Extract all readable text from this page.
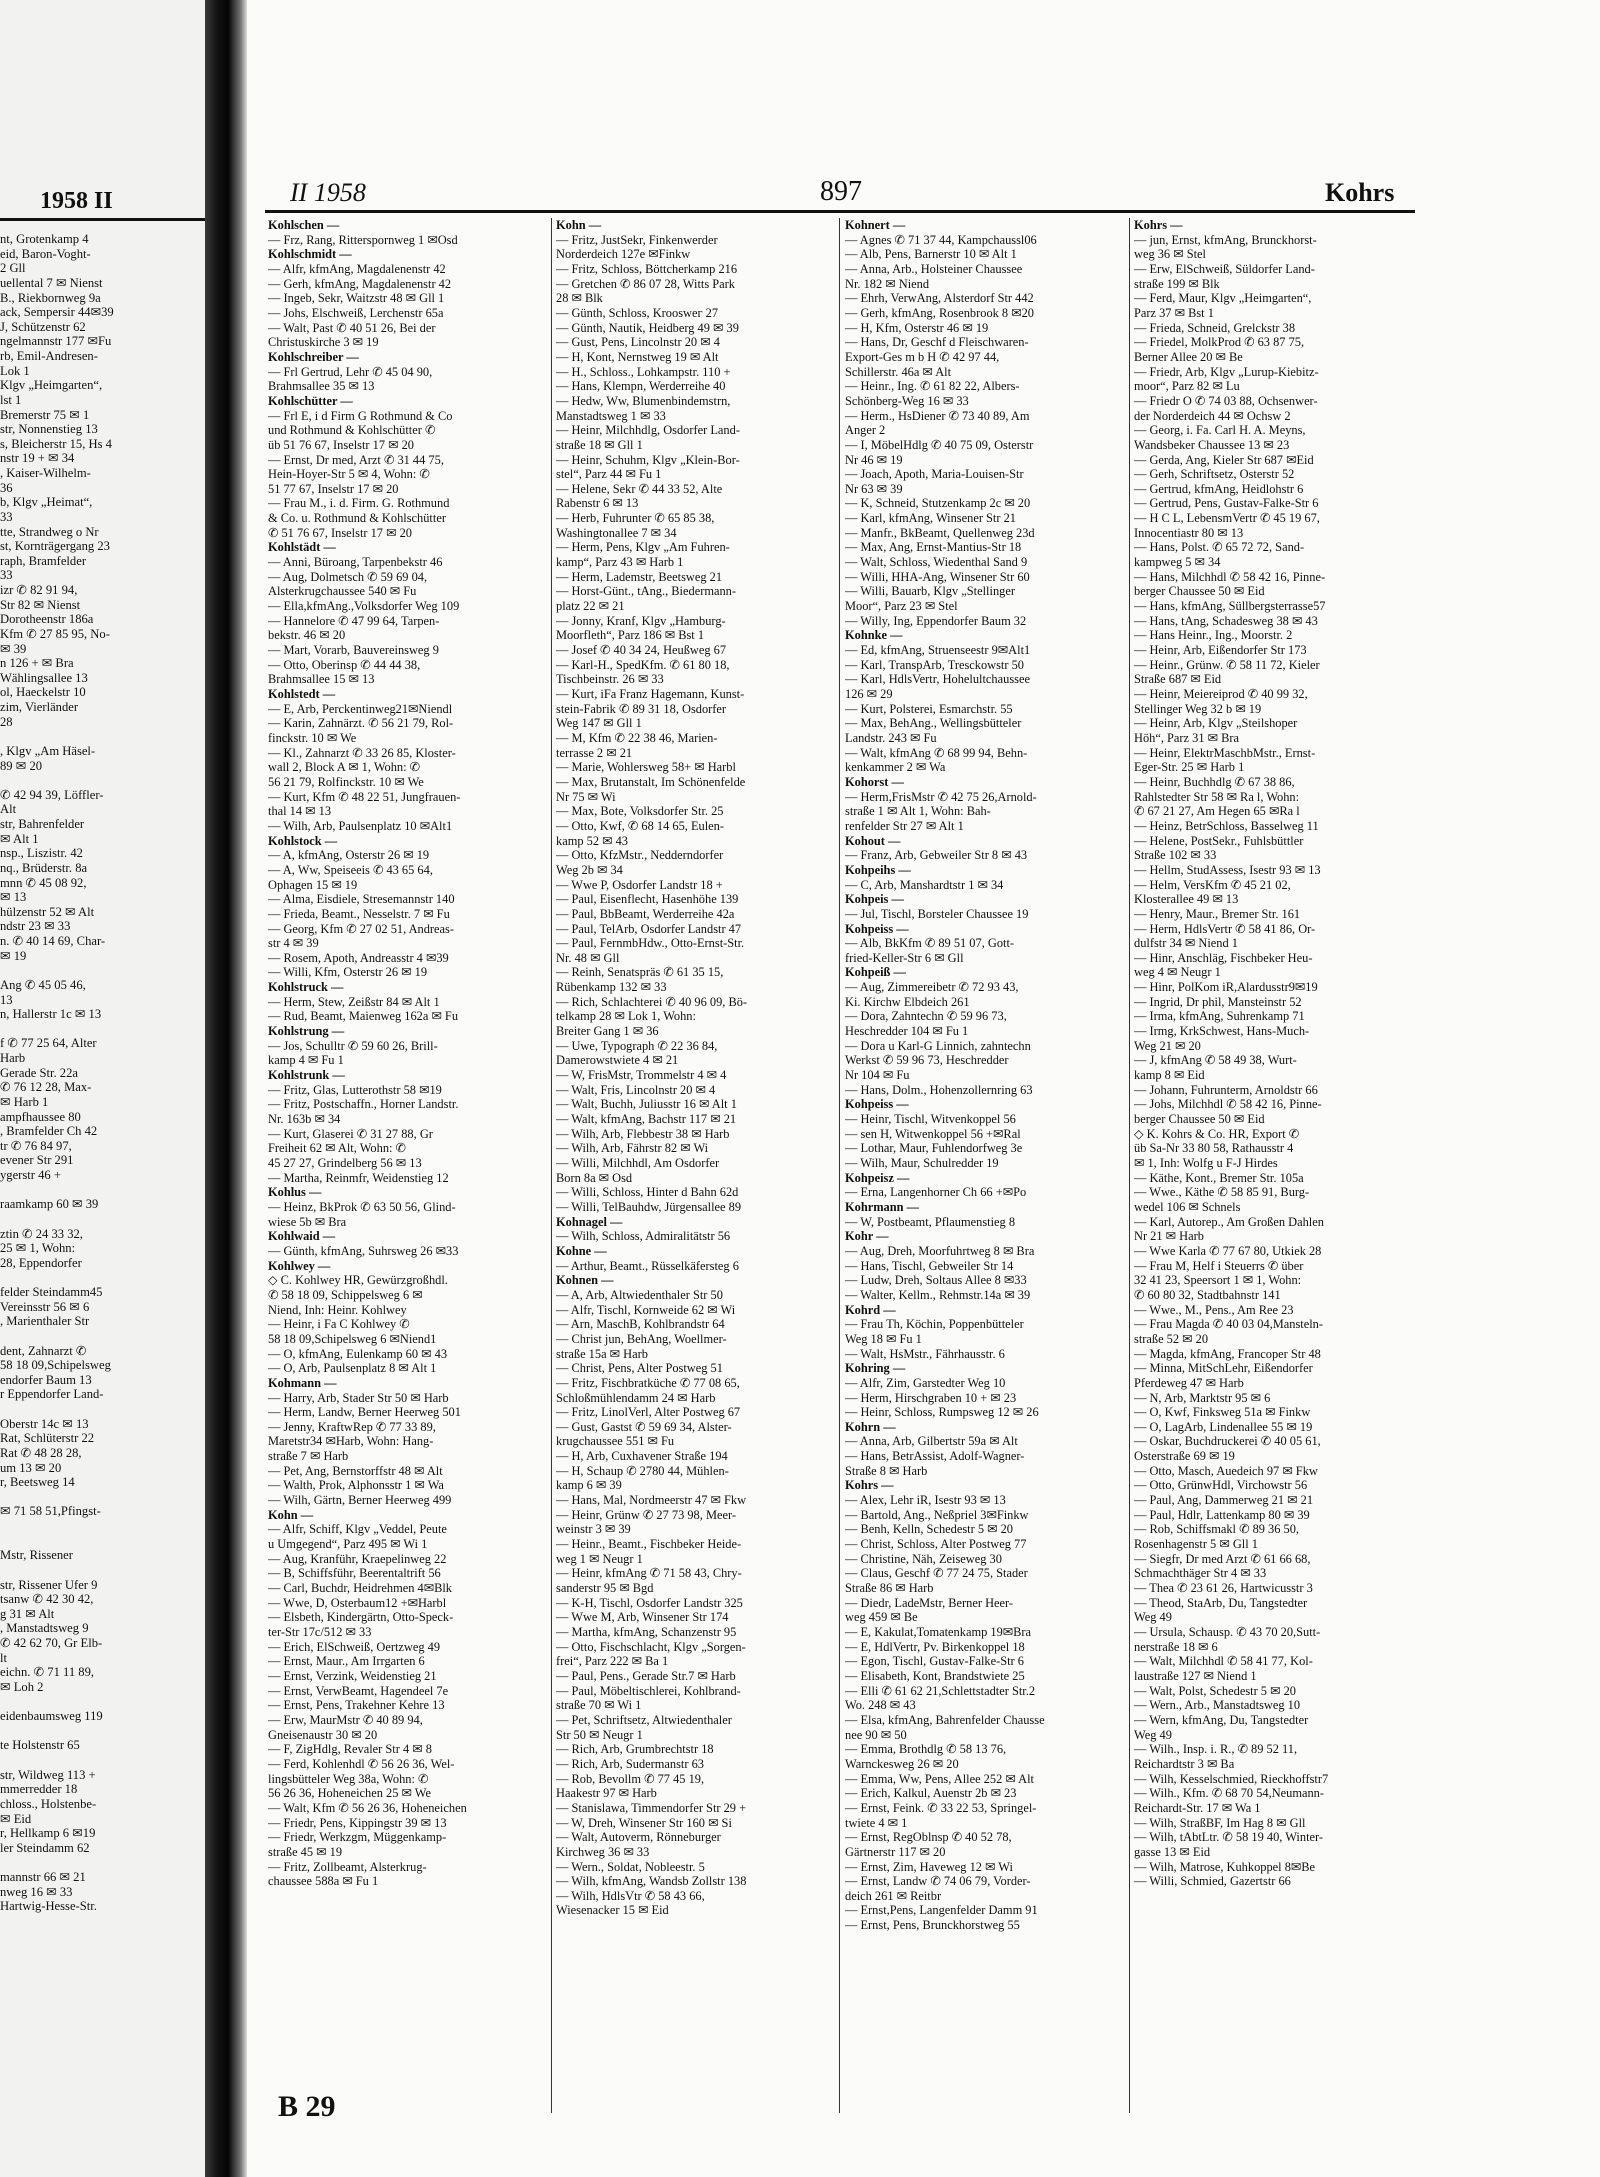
1958 II
nt, Grotenkamp 4
eid, Baron-Voght-
2 Gll
uellental 7 ✉ Nienst
B., Riekbornweg 9a
ack, Sempersir 44✉39
J, Schützenstr 62
ngelmannstr 177 ✉Fu
rb, Emil-Andresen-
Lok 1
Klgv „Heimgarten“,
lst 1
Bremerstr 75 ✉ 1
str, Nonnenstieg 13
s, Bleicherstr 15, Hs 4
nstr 19 + ✉ 34
, Kaiser-Wilhelm-
36
b, Klgv „Heimat“,
33
tte, Strandweg o Nr
st, Kornträgergang 23
raph, Bramfelder
33
izr ✆ 82 91 94,
Str 82 ✉ Nienst
Dorotheenstr 186a
Kfm ✆ 27 85 95, No-
✉ 39
n 126 + ✉ Bra
Wählingsallee 13
ol, Haeckelstr 10
zim, Vierländer
28

, Klgv „Am Häsel-
89 ✉ 20

✆ 42 94 39, Löffler-
Alt
str, Bahrenfelder
✉ Alt 1
nsp., Liszistr. 42
nq., Brüderstr. 8a
mnn ✆ 45 08 92,
✉ 13
hülzenstr 52 ✉ Alt
ndstr 23 ✉ 33
n. ✆ 40 14 69, Char-
✉ 19

Ang ✆ 45 05 46,
13
n, Hallerstr 1c ✉ 13

f ✆ 77 25 64, Alter
Harb
Gerade Str. 22a
✆ 76 12 28, Max-
✉ Harb 1
ampfhaussee 80
, Bramfelder Ch 42
tr ✆ 76 84 97,
evener Str 291
ygerstr 46 +

raamkamp 60 ✉ 39

ztin ✆ 24 33 32,
25 ✉ 1, Wohn:
28, Eppendorfer

felder Steindamm45
Vereinsstr 56 ✉ 6
, Marienthaler Str

dent, Zahnarzt ✆
58 18 09,Schipelsweg
endorfer Baum 13
r Eppendorfer Land-

Oberstr 14c ✉ 13
Rat, Schlüterstr 22
Rat ✆ 48 28 28,
um 13 ✉ 20
r, Beetsweg 14

✉ 71 58 51,Pfingst-

Mstr, Rissener

str, Rissener Ufer 9
tsanw ✆ 42 30 42,
g 31 ✉ Alt
, Manstadtsweg 9
✆ 42 62 70, Gr Elb-
lt
eichn. ✆ 71 11 89,
✉ Loh 2

eidenbaumsweg 119

te Holstenstr 65

str, Wildweg 113 +
mmerredder 18
chloss., Holstenbe-
✉ Eid
r, Hellkamp 6 ✉19
ler Steindamm 62

mannstr 66 ✉ 21
nweg 16 ✉ 33
Hartwig-Hesse-Str.
II 1958	897	Kohrs
Kohlschen —
— Frz, Rang, Ritterspornweg 1 ✉Osd
Kohlschmidt —
— Alfr, kfmAng, Magdalenenstr 42
— Gerh, kfmAng, Magdalenenstr 42
— Ingeb, Sekr, Waitzstr 48 ✉ Gll 1
— Johs, Elschweiß, Lerchenstr 65a
— Walt, Past ✆ 40 51 26, Bei der
Christuskirche 3 ✉ 19
Kohlschreiber —
— Frl Gertrud, Lehr ✆ 45 04 90,
Brahmsallee 35 ✉ 13
Kohlschütter —
— Frl E, i d Firm G Rothmund & Co
und Rothmund & Kohlschütter ✆
üb 51 76 67, Inselstr 17 ✉ 20
— Ernst, Dr med, Arzt ✆ 31 44 75,
Hein-Hoyer-Str 5 ✉ 4, Wohn: ✆
51 77 67, Inselstr 17 ✉ 20
— Frau M., i. d. Firm. G. Rothmund
& Co. u. Rothmund & Kohlschütter
✆ 51 76 67, Inselstr 17 ✉ 20
Kohlstädt —
— Anni, Büroang, Tarpenbekstr 46
— Aug, Dolmetsch ✆ 59 69 04,
Alsterkrugchaussee 540 ✉ Fu
— Ella,kfmAng.,Volksdorfer Weg 109
— Hannelore ✆ 47 99 64, Tarpen-
bekstr. 46 ✉ 20
— Mart, Vorarb, Bauvereinsweg 9
— Otto, Oberinsp ✆ 44 44 38,
Brahmsallee 15 ✉ 13
Kohlstedt —
— E, Arb, Perckentinweg21✉Niendl
— Karin, Zahnärzt. ✆ 56 21 79, Rol-
finckstr. 10 ✉ We
— Kl., Zahnarzt ✆ 33 26 85, Kloster-
wall 2, Block A ✉ 1, Wohn: ✆
56 21 79, Rolfinckstr. 10 ✉ We
— Kurt, Kfm ✆ 48 22 51, Jungfrauen-
thal 14 ✉ 13
— Wilh, Arb, Paulsenplatz 10 ✉Alt1
Kohlstock —
— A, kfmAng, Osterstr 26 ✉ 19
— A, Ww, Speiseeis ✆ 43 65 64,
Ophagen 15 ✉ 19
— Alma, Eisdiele, Stresemannstr 140
— Frieda, Beamt., Nesselstr. 7 ✉ Fu
— Georg, Kfm ✆ 27 02 51, Andreas-
str 4 ✉ 39
— Rosem, Apoth, Andreasstr 4 ✉39
— Willi, Kfm, Osterstr 26 ✉ 19
Kohlstruck —
— Herm, Stew, Zeißstr 84 ✉ Alt 1
— Rud, Beamt, Maienweg 162a ✉ Fu
Kohlstrung —
— Jos, Schulltr ✆ 59 60 26, Brill-
kamp 4 ✉ Fu 1
Kohlstrunk —
— Fritz, Glas, Lutterothstr 58 ✉19
— Fritz, Postschaffn., Horner Landstr.
Nr. 163b ✉ 34
— Kurt, Glaserei ✆ 31 27 88, Gr
Freiheit 62 ✉ Alt, Wohn: ✆
45 27 27, Grindelberg 56 ✉ 13
— Martha, Reinmfr, Weidenstieg 12
Kohlus —
— Heinz, BkProk ✆ 63 50 56, Glind-
wiese 5b ✉ Bra
Kohlwaid —
— Günth, kfmAng, Suhrsweg 26 ✉33
Kohlwey —
◇ C. Kohlwey HR, Gewürzgroßhdl.
✆ 58 18 09, Schippelsweg 6 ✉
Niend, Inh: Heinr. Kohlwey
— Heinr, i Fa C Kohlwey ✆
58 18 09,Schipelsweg 6 ✉Niend1
— O, kfmAng, Eulenkamp 60 ✉ 43
— O, Arb, Paulsenplatz 8 ✉ Alt 1
Kohmann —
— Harry, Arb, Stader Str 50 ✉ Harb
— Herm, Landw, Berner Heerweg 501
— Jenny, KraftwRep ✆ 77 33 89,
Maretstr34 ✉Harb, Wohn: Hang-
straße 7 ✉ Harb
— Pet, Ang, Bernstorffstr 48 ✉ Alt
— Walth, Prok, Alphonsstr 1 ✉ Wa
— Wilh, Gärtn, Berner Heerweg 499
Kohn —
— Alfr, Schiff, Klgv „Veddel, Peute
u Umgegend“, Parz 495 ✉ Wi 1
— Aug, Kranführ, Kraepelinweg 22
— B, Schiffsführ, Beerentaltrift 56
— Carl, Buchdr, Heidrehmen 4✉Blk
— Wwe, D, Osterbaum12 +✉Harbl
— Elsbeth, Kindergärtn, Otto-Speck-
ter-Str 17c/512 ✉ 33
— Erich, ElSchweiß, Oertzweg 49
— Ernst, Maur., Am Irrgarten 6
— Ernst, Verzink, Weidenstieg 21
— Ernst, VerwBeamt, Hagendeel 7e
— Ernst, Pens, Trakehner Kehre 13
— Erw, MaurMstr ✆ 40 89 94,
Gneisenaustr 30 ✉ 20
— F, ZigHdlg, Revaler Str 4 ✉ 8
— Ferd, Kohlenhdl ✆ 56 26 36, Wel-
lingsbütteler Weg 38a, Wohn: ✆
56 26 36, Hoheneichen 25 ✉ We
— Walt, Kfm ✆ 56 26 36, Hoheneichen
— Friedr, Pens, Kippingstr 39 ✉ 13
— Friedr, Werkzgm, Müggenkamp-
straße 45 ✉ 19
— Fritz, Zollbeamt, Alsterkrug-
chaussee 588a ✉ Fu 1
Kohn —
— Fritz, JustSekr, Finkenwerder
Norderdeich 127e ✉Finkw
— Fritz, Schloss, Böttcherkamp 216
— Gretchen ✆ 86 07 28, Witts Park
28 ✉ Blk
— Günth, Schloss, Krooswег 27
— Günth, Nautik, Heidberg 49 ✉ 39
— Gust, Pens, Lincolnstr 20 ✉ 4
— H, Kont, Nernstweg 19 ✉ Alt
— H., Schloss., Lohkampstr. 110 +
— Hans, Klempn, Werderreihe 40
— Hedw, Ww, Blumenbindemstrn,
Manstadtsweg 1 ✉ 33
— Heinr, Milchhdlg, Osdorfer Land-
straße 18 ✉ Gll 1
— Heinr, Schuhm, Klgv „Klein-Bor-
stel“, Parz 44 ✉ Fu 1
— Helene, Sekr ✆ 44 33 52, Alte
Rabenstr 6 ✉ 13
— Herb, Fuhrunter ✆ 65 85 38,
Washingtonallee 7 ✉ 34
— Herm, Pens, Klgv „Am Fuhren-
kamp“, Parz 43 ✉ Harb 1
— Herm, Lademstr, Beetsweg 21
— Horst-Günt., tAng., Biedermann-
platz 22 ✉ 21
— Jonny, Kranf, Klgv „Hamburg-
Moorfleth“, Parz 186 ✉ Bst 1
— Josef ✆ 40 34 24, Heußweg 67
— Karl-H., SpedKfm. ✆ 61 80 18,
Tischbeinstr. 26 ✉ 33
— Kurt, iFa Franz Hagemann, Kunst-
stein-Fabrik ✆ 89 31 18, Osdorfer
Weg 147 ✉ Gll 1
— M, Kfm ✆ 22 38 46, Marien-
terrasse 2 ✉ 21
— Marie, Wohlersweg 58+ ✉ Harbl
— Max, Brutanstalt, Im Schönenfelde
Nr 75 ✉ Wi
— Max, Bote, Volksdorfer Str. 25
— Otto, Kwf, ✆ 68 14 65, Eulen-
kamp 52 ✉ 43
— Otto, KfzMstr., Nedderndorfer
Weg 2b ✉ 34
— Wwe P, Osdorfer Landstr 18 +
— Paul, Eisenflecht, Hasenhöhe 139
— Paul, BbBeamt, Werderreihe 42a
— Paul, TelArb, Osdorfer Landstr 47
— Paul, FernmbHdw., Otto-Ernst-Str.
Nr. 48 ✉ Gll
— Reinh, Senatspräs ✆ 61 35 15,
Rübenkamp 132 ✉ 33
— Rich, Schlachterei ✆ 40 96 09, Bö-
telkamp 28 ✉ Lok 1, Wohn:
Breiter Gang 1 ✉ 36
— Uwe, Typograph ✆ 22 36 84,
Damerowstwiete 4 ✉ 21
— W, FrisMstr, Trommelstr 4 ✉ 4
— Walt, Fris, Lincolnstr 20 ✉ 4
— Walt, Buchh, Juliusstr 16 ✉ Alt 1
— Walt, kfmAng, Bachstr 117 ✉ 21
— Wilh, Arb, Flebbestr 38 ✉ Harb
— Wilh, Arb, Fährstr 82 ✉ Wi
— Willi, Milchhdl, Am Osdorfer
Born 8a ✉ Osd
— Willi, Schloss, Hinter d Bahn 62d
— Willi, TelBauhdw, Jürgensallee 89
Kohnagel —
— Wilh, Schloss, Admiralitätstr 56
Kohne —
— Arthur, Beamt., Rüsselkäfersteg 6
Kohnen —
— A, Arb, Altwiedenthaler Str 50
— Alfr, Tischl, Kornweide 62 ✉ Wi
— Arn, MaschB, Kohlbrandstr 64
— Christ jun, BehAng, Woellmer-
straße 15a ✉ Harb
— Christ, Pens, Alter Postweg 51
— Fritz, Fischbratküche ✆ 77 08 65,
Schloßmühlendamm 24 ✉ Harb
— Fritz, LinolVerl, Alter Postweg 67
— Gust, Gastst ✆ 59 69 34, Alster-
krugchaussee 551 ✉ Fu
— H, Arb, Cuxhavener Straße 194
— H, Schaup ✆ 2780 44, Mühlen-
kamp 6 ✉ 39
— Hans, Mal, Nordmeerstr 47 ✉ Fkw
— Heinr, Grünw ✆ 27 73 98, Meer-
weinstr 3 ✉ 39
— Heinr., Beamt., Fischbeker Heide-
weg 1 ✉ Neugr 1
— Heinr, kfmAng ✆ 71 58 43, Chry-
sanderstr 95 ✉ Bgd
— K-H, Tischl, Osdorfer Landstr 325
— Wwe M, Arb, Winsener Str 174
— Martha, kfmAng, Schanzenstr 95
— Otto, Fischschlacht, Klgv „Sorgen-
frei“, Parz 222 ✉ Ba 1
— Paul, Pens., Gerade Str.7 ✉ Harb
— Paul, Möbeltischlerei, Kohlbrand-
straße 70 ✉ Wi 1
— Pet, Schriftsetz, Altwiedenthaler
Str 50 ✉ Neugr 1
— Rich, Arb, Grumbrechtstr 18
— Rich, Arb, Sudermanstr 63
— Rob, Bevollm ✆ 77 45 19,
Haakestr 97 ✉ Harb
— Stanislawa, Timmendorfer Str 29 +
— W, Dreh, Winsener Str 160 ✉ Si
— Walt, Autoverm, Rönneburger
Kirchweg 36 ✉ 33
— Wern., Soldat, Nobleestr. 5
— Wilh, kfmAng, Wandsb Zollstr 138
— Wilh, HdlsVtr ✆ 58 43 66,
Wiesenacker 15 ✉ Eid
Kohnert —
— Agnes ✆ 71 37 44, Kampchaussl06
— Alb, Pens, Barnerstr 10 ✉ Alt 1
— Anna, Arb., Holsteiner Chaussee
Nr. 182 ✉ Niend
— Ehrh, VerwAng, Alsterdorf Str 442
— Gerh, kfmAng, Rosenbrook 8 ✉20
— H, Kfm, Osterstr 46 ✉ 19
— Hans, Dr, Geschf d Fleischwaren-
Export-Ges m b H ✆ 42 97 44,
Schillerstr. 46a ✉ Alt
— Heinr., Ing. ✆ 61 82 22, Albers-
Schönberg-Weg 16 ✉ 33
— Herm., HsDiener ✆ 73 40 89, Am
Anger 2
— I, MöbelHdlg ✆ 40 75 09, Osterstr
Nr 46 ✉ 19
— Joach, Apoth, Maria-Louisen-Str
Nr 63 ✉ 39
— K, Schneid, Stutzenkamp 2c ✉ 20
— Karl, kfmAng, Winsener Str 21
— Manfr., BkBeamt, Quellenweg 23d
— Max, Ang, Ernst-Mantius-Str 18
— Walt, Schloss, Wiedenthal Sand 9
— Willi, HHA-Ang, Winsener Str 60
— Willi, Bauarb, Klgv „Stellinger
Moor“, Parz 23 ✉ Stel
— Willy, Ing, Eppendorfer Baum 32
Kohnke —
— Ed, kfmAng, Struenseestr 9✉Alt1
— Karl, TranspArb, Tresckowstr 50
— Karl, HdlsVertr, Hohelultchaussee
126 ✉ 29
— Kurt, Polsterei, Esmarchstr. 55
— Max, BehAng., Wellingsbütteler
Landstr. 243 ✉ Fu
— Walt, kfmAng ✆ 68 99 94, Behn-
kenkammer 2 ✉ Wa
Kohorst —
— Herm,FrisMstr ✆ 42 75 26,Arnold-
straße 1 ✉ Alt 1, Wohn: Bah-
renfelder Str 27 ✉ Alt 1
Kohout —
— Franz, Arb, Gebweiler Str 8 ✉ 43
Kohpeihs —
— C, Arb, Manshardtstr 1 ✉ 34
Kohpeis —
— Jul, Tischl, Borsteler Chaussee 19
Kohpeiss —
— Alb, BkKfm ✆ 89 51 07, Gott-
fried-Keller-Str 6 ✉ Gll
Kohpeiß —
— Aug, Zimmereibetr ✆ 72 93 43,
Ki. Kirchw Elbdeich 261
— Dora, Zahntechn ✆ 59 96 73,
Heschredder 104 ✉ Fu 1
— Dora u Karl-G Linnich, zahntechn
Werkst ✆ 59 96 73, Heschredder
Nr 104 ✉ Fu
— Hans, Dolm., Hohenzollernring 63
Kohpeiss —
— Heinr, Tischl, Witvenkoppel 56
— sen H, Witwenkoppel 56 +✉Ral
— Lothar, Maur, Fuhlendorfweg 3e
— Wilh, Maur, Schulredder 19
Kohpeisz —
— Erna, Langenhorner Ch 66 +✉Po
Kohrmann —
— W, Postbeamt, Pflaumenstieg 8
Kohr —
— Aug, Dreh, Moorfuhrtweg 8 ✉ Bra
— Hans, Tischl, Gebweiler Str 14
— Ludw, Dreh, Soltaus Allee 8 ✉33
— Walter, Kellm., Rehmstr.14a ✉ 39
Kohrd —
— Frau Th, Köchin, Poppenbütteler
Weg 18 ✉ Fu 1
— Walt, HsMstr., Fährhausstr. 6
Kohring —
— Alfr, Zim, Garstedter Weg 10
— Herm, Hirschgraben 10 + ✉ 23
— Heinr, Schloss, Rumpsweg 12 ✉ 26
Kohrn —
— Anna, Arb, Gilbertstr 59a ✉ Alt
— Hans, BetrAssist, Adolf-Wagner-
Straße 8 ✉ Harb
Kohrs —
— Alex, Lehr iR, Isestr 93 ✉ 13
— Bartold, Ang., Neßpriel 3✉Finkw
— Benh, Kelln, Schedestr 5 ✉ 20
— Christ, Schloss, Alter Postweg 77
— Christine, Näh, Zeiseweg 30
— Claus, Geschf ✆ 77 24 75, Stader
Straße 86 ✉ Harb
— Diedr, LadeMstr, Berner Heer-
weg 459 ✉ Be
— E, Kakulat,Tomatenkamp 19✉Bra
— E, HdlVertr, Pv. Birkenkoppel 18
— Egon, Tischl, Gustav-Falke-Str 6
— Elisabeth, Kont, Brandstwiete 25
— Elli ✆ 61 62 21,Schlettstadter Str.2
Wo. 248 ✉ 43
— Elsa, kfmAng, Bahrenfelder Chausse
nee 90 ✉ 50
— Emma, Brothdlg ✆ 58 13 76,
Warnckesweg 26 ✉ 20
— Emma, Ww, Pens, Allee 252 ✉ Alt
— Erich, Kalkul, Auenstr 2b ✉ 23
— Ernst, Feink. ✆ 33 22 53, Springel-
twiete 4 ✉ 1
— Ernst, RegOblnsp ✆ 40 52 78,
Gärtnerstr 117 ✉ 20
— Ernst, Zim, Haveweg 12 ✉ Wi
— Ernst, Landw ✆ 74 06 79, Vorder-
deich 261 ✉ Reitbr
— Ernst,Pens, Langenfelder Damm 91
— Ernst, Pens, Brunckhorstweg 55
Kohrs —
— jun, Ernst, kfmAng, Brunckhorst-
weg 36 ✉ Stel
— Erw, ElSchweiß, Süldorfer Land-
straße 199 ✉ Blk
— Ferd, Maur, Klgv „Heimgarten“,
Parz 37 ✉ Bst 1
— Frieda, Schneid, Grelckstr 38
— Friedel, MolkProd ✆ 63 87 75,
Berner Allee 20 ✉ Be
— Friedr, Arb, Klgv „Lurup-Kiebitz-
moor“, Parz 82 ✉ Lu
— Friedr O ✆ 74 03 88, Ochsenwer-
der Norderdeich 44 ✉ Ochsw 2
— Georg, i. Fa. Carl H. A. Meyns,
Wandsbeker Chaussee 13 ✉ 23
— Gerda, Ang, Kieler Str 687 ✉Eid
— Gerh, Schriftsetz, Osterstr 52
— Gertrud, kfmAng, Heidlohstr 6
— Gertrud, Pens, Gustav-Falke-Str 6
— H C L, LebensmVertr ✆ 45 19 67,
Innocentiastr 80 ✉ 13
— Hans, Polst. ✆ 65 72 72, Sand-
kampweg 5 ✉ 34
— Hans, Milchhdl ✆ 58 42 16, Pinne-
berger Chaussee 50 ✉ Eid
— Hans, kfmAng, Süllbergsterrasse57
— Hans, tAng, Schadesweg 38 ✉ 43
— Hans Heinr., Ing., Moorstr. 2
— Heinr, Arb, Eißendorfer Str 173
— Heinr., Grünw. ✆ 58 11 72, Kieler
Straße 687 ✉ Eid
— Heinr, Meiereiprod ✆ 40 99 32,
Stellinger Weg 32 b ✉ 19
— Heinr, Arb, Klgv „Steilshoper
Höh“, Parz 31 ✉ Bra
— Heinr, ElektrMaschbMstr., Ernst-
Eger-Str. 25 ✉ Harb 1
— Heinr, Buchhdlg ✆ 67 38 86,
Rahlstedter Str 58 ✉ Ra l, Wohn:
✆ 67 21 27, Am Hegen 65 ✉Ra l
— Heinz, BetrSchloss, Basselweg 11
— Helene, PostSekr., Fuhlsbüttler
Straße 102 ✉ 33
— Hellm, StudAssess, Isestr 93 ✉ 13
— Helm, VersKfm ✆ 45 21 02,
Klosterallee 49 ✉ 13
— Henry, Maur., Bremer Str. 161
— Herm, HdlsVertr ✆ 58 41 86, Or-
dulfstr 34 ✉ Niend 1
— Hinr, Anschläg, Fischbeker Heu-
weg 4 ✉ Neugr 1
— Hinr, PolKom iR,Alardusstr9✉19
— Ingrid, Dr phil, Mansteinstr 52
— Irma, kfmAng, Suhrenkamp 71
— Irmg, KrkSchwest, Hans-Much-
Weg 21 ✉ 20
— J, kfmAng ✆ 58 49 38, Wurt-
kamp 8 ✉ Eid
— Johann, Fuhrunterm, Arnoldstr 66
— Johs, Milchhdl ✆ 58 42 16, Pinne-
berger Chaussee 50 ✉ Eid
◇ K. Kohrs & Co. HR, Export ✆
üb Sa-Nr 33 80 58, Rathausstr 4
✉ 1, Inh: Wolfg u F-J Hirdes
— Käthe, Kont., Bremer Str. 105a
— Wwe., Käthe ✆ 58 85 91, Burg-
wedel 106 ✉ Schnels
— Karl, Autorep., Am Großen Dahlen
Nr 21 ✉ Harb
— Wwe Karla ✆ 77 67 80, Utkiek 28
— Frau M, Helf i Steuerrs ✆ über
32 41 23, Speersort 1 ✉ 1, Wohn:
✆ 60 80 32, Stadtbahnstr 141
— Wwe., M., Pens., Am Ree 23
— Frau Magda ✆ 40 03 04,Mansteln-
straße 52 ✉ 20
— Magda, kfmAng, Francoper Str 48
— Minna, MitSchLehr, Eißendorfer
Pferdeweg 47 ✉ Harb
— N, Arb, Marktstr 95 ✉ 6
— O, Kwf, Finksweg 51a ✉ Finkw
— O, LagArb, Lindenallee 55 ✉ 19
— Oskar, Buchdruckerei ✆ 40 05 61,
Osterstraße 69 ✉ 19
— Otto, Masch, Auedeich 97 ✉ Fkw
— Otto, GrünwHdl, Virchowstr 56
— Paul, Ang, Dammerweg 21 ✉ 21
— Paul, Hdlr, Lattenkamp 80 ✉ 39
— Rob, Schiffsmakl ✆ 89 36 50,
Rosenhagenstr 5 ✉ Gll 1
— Siegfr, Dr med Arzt ✆ 61 66 68,
Schmachthäger Str 4 ✉ 33
— Thea ✆ 23 61 26, Hartwicusstr 3
— Theod, StaArb, Du, Tangstedter
Weg 49
— Ursula, Schausp. ✆ 43 70 20,Sutt-
nerstraße 18 ✉ 6
— Walt, Milchhdl ✆ 58 41 77, Kol-
laustraße 127 ✉ Niend 1
— Walt, Polst, Schedestr 5 ✉ 20
— Wern., Arb., Manstadtsweg 10
— Wern, kfmAng, Du, Tangstedter
Weg 49
— Wilh., Insp. i. R., ✆ 89 52 11,
Reichardtstr 3 ✉ Ba
— Wilh, Kesselschmied, Rieckhoffstr7
— Wilh., Kfm. ✆ 68 70 54,Neumann-
Reichardt-Str. 17 ✉ Wa 1
— Wilh, StraßBF, Im Hag 8 ✉ Gll
— Wilh, tAbtLtr. ✆ 58 19 40, Winter-
gasse 13 ✉ Eid
— Wilh, Matrose, Kuhkoppel 8✉Be
— Willi, Schmied, Gazertstr 66
B 29
